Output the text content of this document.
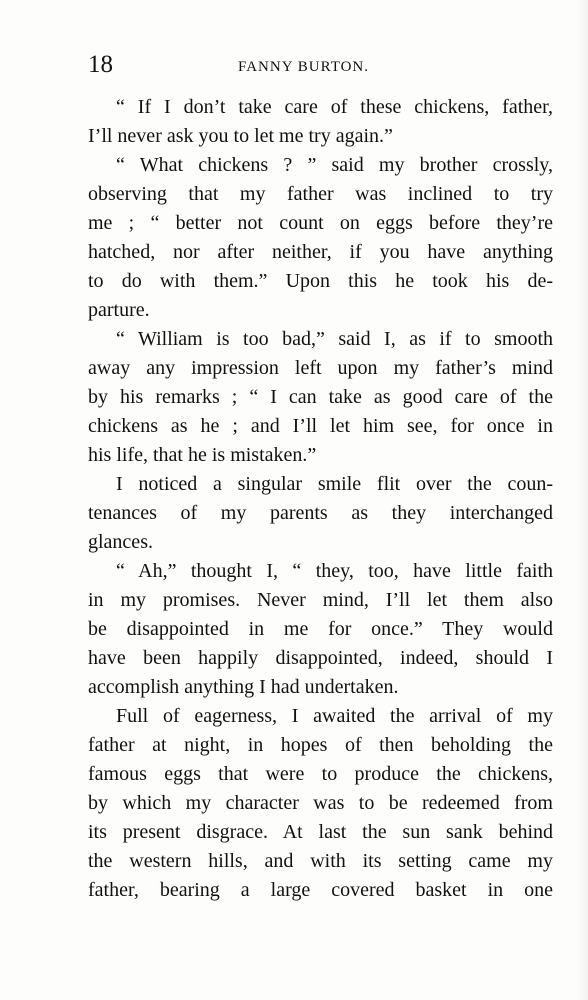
18	FANNY BURTON.
“ If I don’t take care of these chickens, father,
I’ll never ask you to let me try again.”
“ What chickens ? ” said my brother crossly,
observing that my father was inclined to try
me ; “ better not count on eggs before they’re
hatched, nor after neither, if you have anything
to do with them.” Upon this he took his de-
parture.
“ William is too bad,” said I, as if to smooth
away any impression left upon my father’s mind
by his remarks ; “ I can take as good care of the
chickens as he ; and I’ll let him see, for once in
his life, that he is mistaken.”
I noticed a singular smile flit over the coun-
tenances of my parents as they interchanged
glances.
“ Ah,” thought I, “ they, too, have little faith
in my promises. Never mind, I’ll let them also
be disappointed in me for once.” They would
have been happily disappointed, indeed, should I
accomplish anything I had undertaken.
Full of eagerness, I awaited the arrival of my
father at night, in hopes of then beholding the
famous eggs that were to produce the chickens,
by which my character was to be redeemed from
its present disgrace. At last the sun sank behind
the western hills, and with its setting came my
father, bearing a large covered basket in one
